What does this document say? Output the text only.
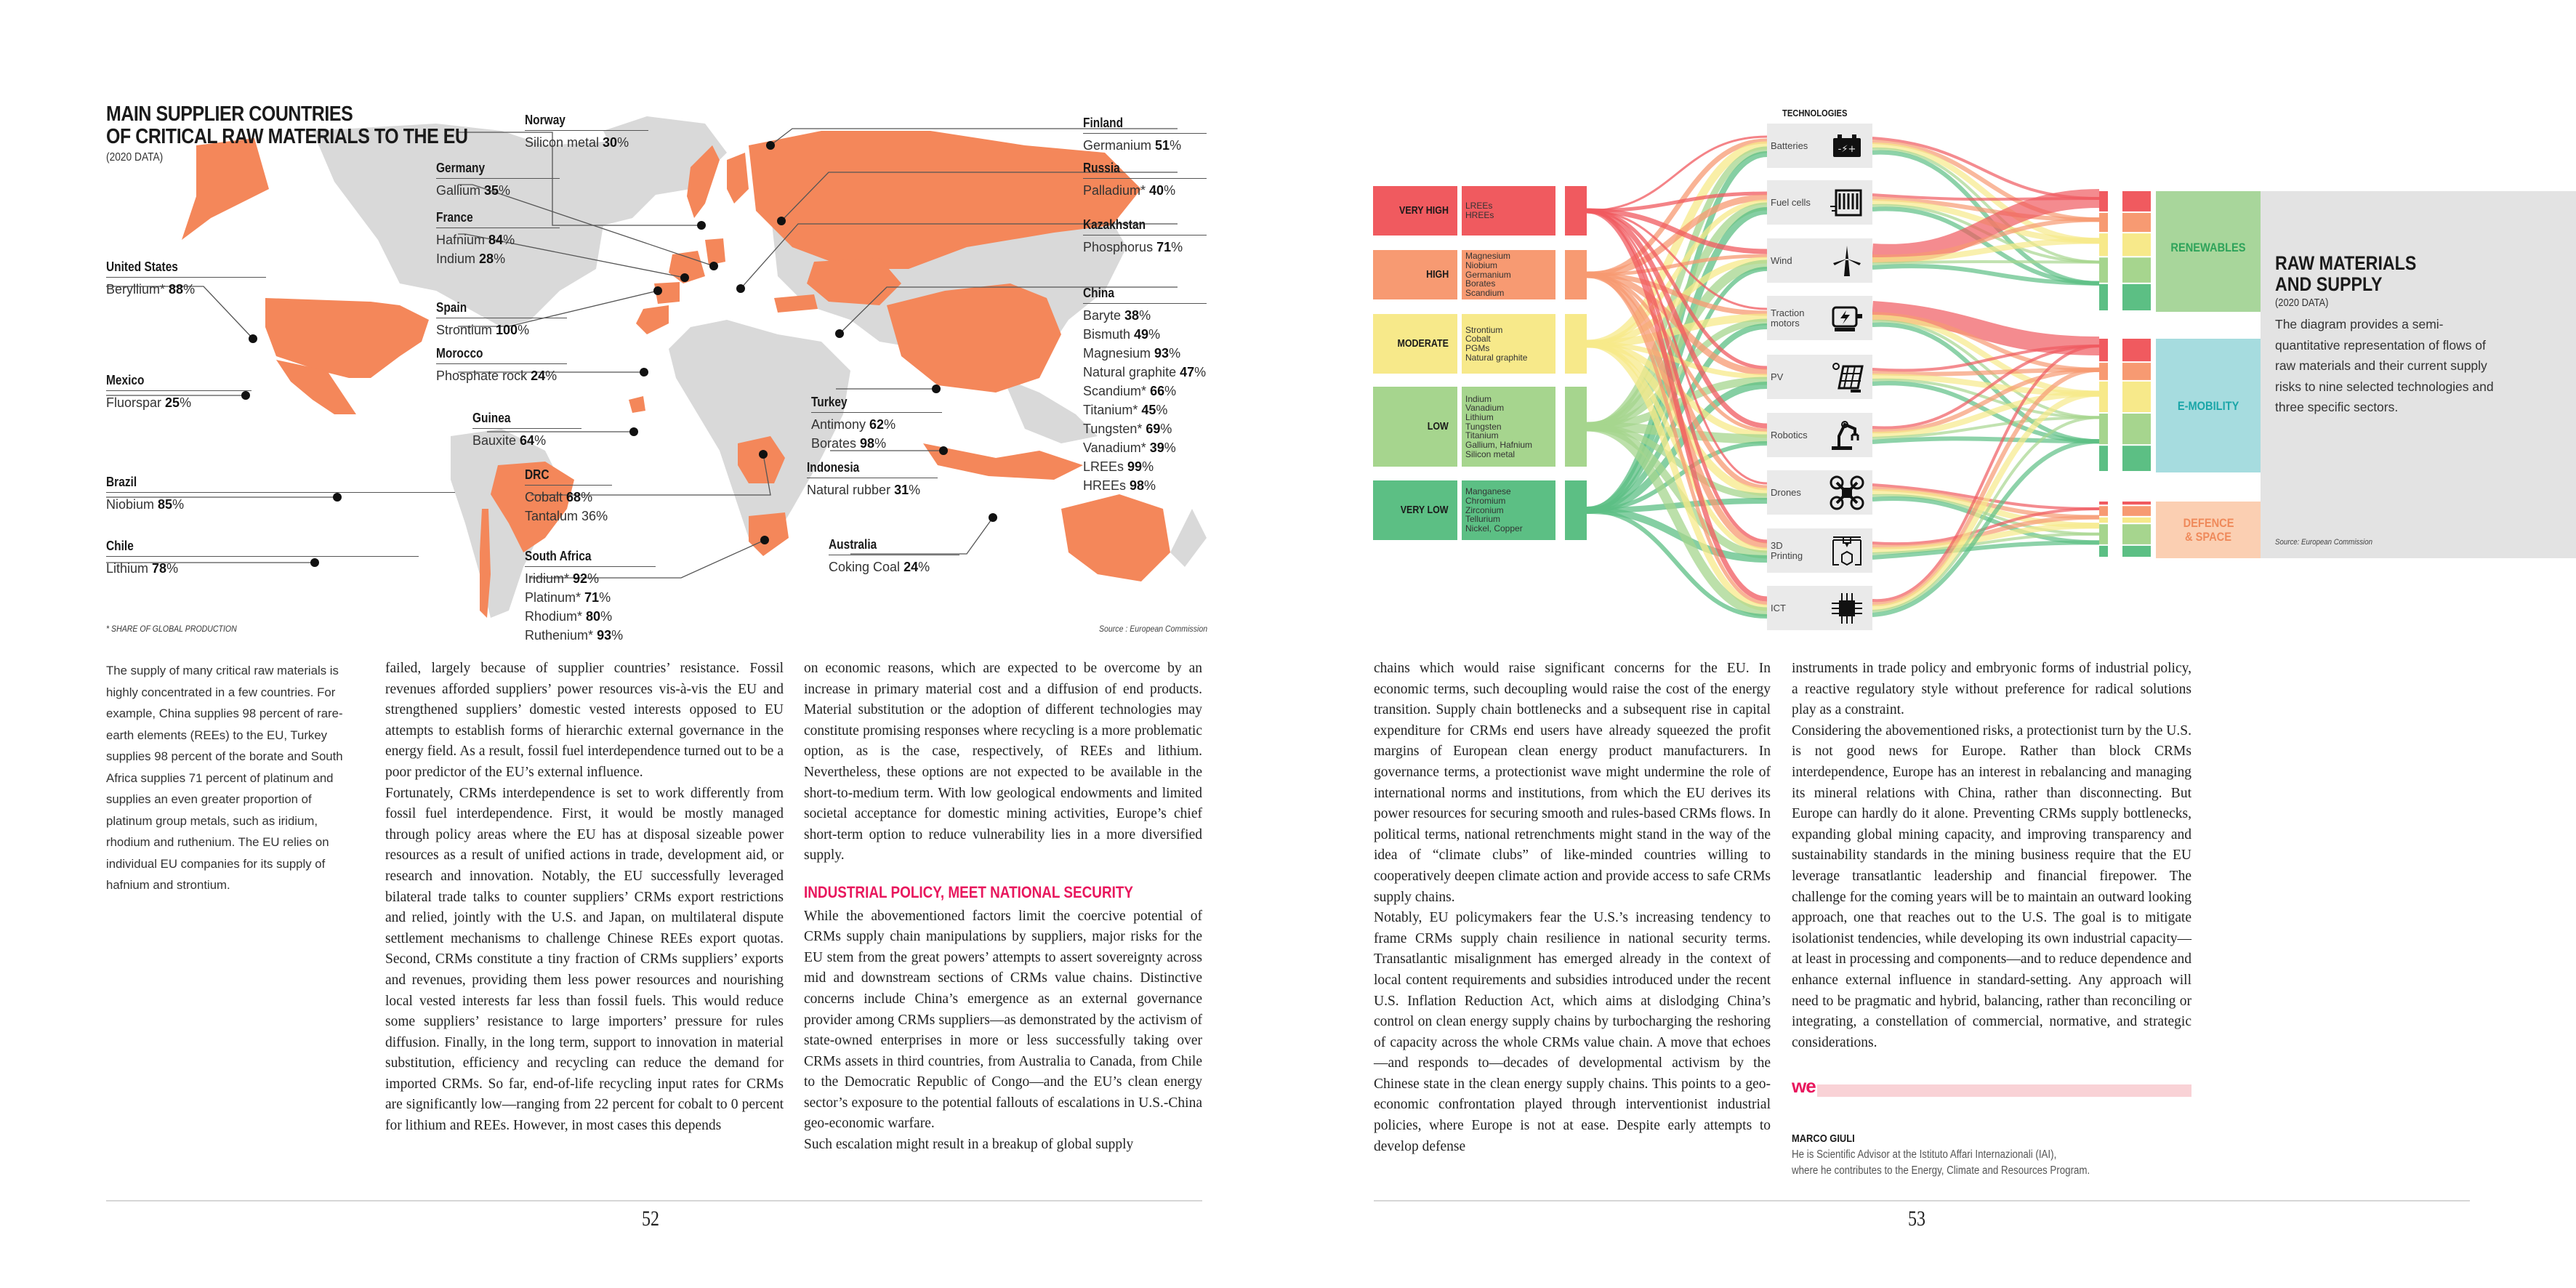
MAIN SUPPLIER COUNTRIES
OF CRITICAL RAW MATERIALS TO THE EU
(2020 DATA)
Norway
Silicon metal 30%
Germany
Gallium 35%
France
Hafnium 84%
Indium 28%
United States
Beryllium* 88%
Spain
Strontium 100%
Morocco
Phosphate rock 24%
Mexico
Fluorspar 25%
Guinea
Bauxite 64%
Brazil
Niobium 85%
DRC
Cobalt 68%
Tantalum 36%
Chile
Lithium 78%
South Africa
Iridium* 92%
Platinum* 71%
Rhodium* 80%
Ruthenium* 93%
Finland
Germanium 51%
Russia
Palladium* 40%
Kazakhstan
Phosphorus 71%
China
Baryte 38%
Bismuth 49%
Magnesium 93%
Natural graphite 47%
Scandium* 66%
Titanium* 45%
Tungsten* 69%
Vanadium* 39%
LREEs 99%
HREEs 98%
Turkey
Antimony 62%
Borates 98%
Indonesia
Natural rubber 31%
Australia
Coking Coal 24%
* SHARE OF GLOBAL PRODUCTION	Source : European Commission
The supply of many critical raw materials is highly concentrated in a few countries. For example, China supplies 98 percent of rare-earth elements (REEs) to the EU, Turkey supplies 98 percent of the borate and South Africa supplies 71 percent of platinum and supplies an even greater proportion of platinum group metals, such as iridium, rhodium and ruthenium. The EU relies on individual EU companies for its supply of hafnium and strontium.

failed, largely because of supplier countries’ resistance. Fossil revenues afforded suppliers’ power resources vis-à-vis the EU and strengthened suppliers’ domestic vested interests opposed to EU attempts to establish forms of hierarchic external governance in the energy field. As a result, fossil fuel interdependence turned out to be a poor predictor of the EU’s external influence.

Fortunately, CRMs interdependence is set to work differently from fossil fuel interdependence. First, it would be mostly managed through policy areas where the EU has at disposal sizeable power resources as a result of unified actions in trade, development aid, or research and innovation. Notably, the EU successfully leveraged bilateral trade talks to counter suppliers’ CRMs export restrictions and relied, jointly with the U.S. and Japan, on multilateral dispute settlement mechanisms to challenge Chinese REEs export quotas. Second, CRMs constitute a tiny fraction of CRMs suppliers’ exports and revenues, providing them less power resources and nourishing local vested interests far less than fossil fuels. This would reduce some suppliers’ resistance to large importers’ pressure for rules diffusion. Finally, in the long term, support to innovation in material substitution, efficiency and recycling can reduce the demand for imported CRMs. So far, end-of-life recycling input rates for CRMs are significantly low—ranging from 22 percent for cobalt to 0 percent for lithium and REEs. However, in most cases this depends

on economic reasons, which are expected to be overcome by an increase in primary material cost and a diffusion of end products. Material substitution or the adoption of different technologies may constitute promising responses where recycling is a more problematic option, as is the case, respectively, of REEs and lithium. Nevertheless, these options are not expected to be available in the short-to-medium term. With low geological endowments and limited societal acceptance for domestic mining activities, Europe’s chief short-term option to reduce vulnerability lies in a more diversified supply.

INDUSTRIAL POLICY, MEET NATIONAL SECURITY

While the abovementioned factors limit the coercive potential of CRMs supply chain manipulations by suppliers, major risks for the EU stem from the great powers’ attempts to assert sovereignty across mid and downstream sections of CRMs value chains. Distinctive concerns include China’s emergence as an external governance provider among CRMs suppliers—as demonstrated by the activism of state-owned enterprises in more or less successfully taking over CRMs assets in third countries, from Australia to Canada, from Chile to the Democratic Republic of Congo—and the EU’s clean energy sector’s exposure to the potential fallouts of escalations in U.S.-China geo-economic warfare.

Such escalation might result in a breakup of global supply

52
TECHNOLOGIES
VERY HIGH LREEs
HREEs
HIGH
Magnesium
Niobium
Germanium
Borates
Scandium
MODERATE
Strontium
Cobalt
PGMs
Natural graphite
LOW
Indium
Vanadium
Lithium
Tungsten
Titanium
Gallium, Hafnium
Silicon metal
VERY LOW
Manganese
Chromium
Zirconium
Tellurium
Nickel, Copper
Batteries	-⚡+
Fuel cells
Wind
Traction motors
PV
Robotics
Drones
3D Printing
ICT
RENEWABLES
E-MOBILITY
DEFENCE & SPACE
RAW MATERIALS
AND SUPPLY
(2020 DATA)
The diagram provides a semi-quantitative representation of flows of raw materials and their current supply risks to nine selected technologies and three specific sectors.
Source: European Commission

chains which would raise significant concerns for the EU. In economic terms, such decoupling would raise the cost of the energy transition. Supply chain bottlenecks and a subsequent rise in capital expenditure for CRMs end users have already squeezed the profit margins of European clean energy product manufacturers. In governance terms, a protectionist wave might undermine the role of international norms and institutions, from which the EU derives its power resources for securing smooth and rules-based CRMs flows. In political terms, national retrenchments might stand in the way of the idea of “climate clubs” of like-minded countries willing to cooperatively deepen climate action and provide access to safe CRMs supply chains.

Notably, EU policymakers fear the U.S.’s increasing tendency to frame CRMs supply chain resilience in national security terms. Transatlantic misalignment has emerged already in the context of local content requirements and subsidies introduced under the recent U.S. Inflation Reduction Act, which aims at dislodging China’s control on clean energy supply chains by turbocharging the reshoring of capacity across the whole CRMs value chain. A move that echoes—and responds to—decades of developmental activism by the Chinese state in the clean energy supply chains. This points to a geo-economic confrontation played through interventionist industrial policies, where Europe is not at ease. Despite early attempts to develop defense

instruments in trade policy and embryonic forms of industrial policy, a reactive regulatory style without preference for radical solutions play as a constraint.

Considering the abovementioned risks, a protectionist turn by the U.S. is not good news for Europe. Rather than block CRMs interdependence, Europe has an interest in rebalancing and managing its mineral relations with China, rather than disconnecting. But Europe can hardly do it alone. Preventing CRMs supply bottlenecks, expanding global mining capacity, and improving transparency and sustainability standards in the mining business require that the EU leverage transatlantic leadership and financial firepower. The challenge for the coming years will be to maintain an outward looking approach, one that reaches out to the U.S. The goal is to mitigate isolationist tendencies, while developing its own industrial capacity—at least in processing and components—and to reduce dependence and enhance external influence in standard-setting. Any approach will need to be pragmatic and hybrid, balancing, rather than reconciling or integrating, a constellation of commercial, normative, and strategic considerations.

we
MARCO GIULI
He is Scientific Advisor at the Istituto Affari Internazionali (IAI),
where he contributes to the Energy, Climate and Resources Program.
53
